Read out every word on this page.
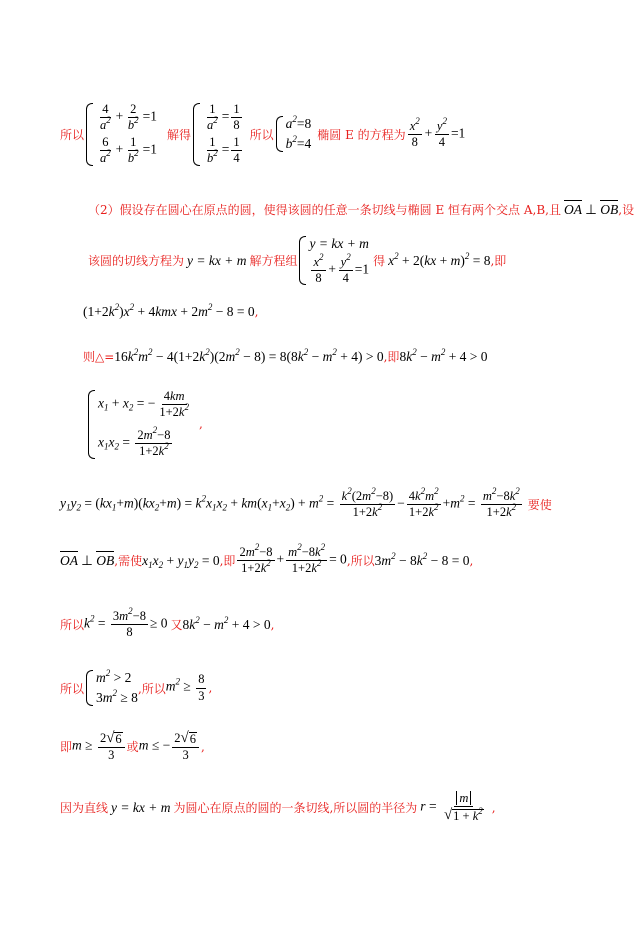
所以
$\frac{4}{a^2} + \frac{2}{b^2} =1$
$\frac{6}{a^2} + \frac{1}{b^2} =1$
解得
$\frac{1}{a^2} = \frac{1}{8}$
$\frac{1}{b^2} = \frac{1}{4}$
所以
$a^2=8$
$b^2=4$
椭圆 E 的方程为 $\frac{x^2}{8} + \frac{y^2}{4} =1$
（2） 假设存在圆心在原点的圆，使得该圆的任意一条切线与椭圆 E 恒有两个交点 A,B,且 OA ⊥ OB ,设
该圆的切线方程为 y = kx + m 解方程组
y = kx + m
$\frac{x^2}{8} + \frac{y^2}{4} =1$
得 $x^2 + 2(kx + m)^2 = 8$ ,即
$(1+2k^2)x^2 + 4kmx + 2m^2 - 8 = 0$ ,
则△= $16k^2m^2 - 4(1+2k^2)(2m^2 - 8) = 8(8k^2 - m^2 + 4) > 0$ ,即 $8k^2 - m^2 + 4 > 0$
$x_1 + x_2$ = − $\frac{4km}{1+2k^2}$
$x_1x_2 = \frac{2m^2-8}{1+2k^2}$
,
$y_1y_2 = (kx_1+m)(kx_2+m) = k^2x_1x_2 + km(x_1+x_2) + m^2 = \frac{k^2(2m^2-8)}{1+2k^2} - \frac{4k^2m^2}{1+2k^2} +m^2 = \frac{m^2-8k^2}{1+2k^2}$ 要使
OA ⊥ OB ,需使 $x_1x_2 + y_1y_2 = 0$ ,即 $\frac{2m^2-8}{1+2k^2} + \frac{m^2-8k^2}{1+2k^2} = 0$ ,所以 $3m^2 - 8k^2 - 8 = 0$ ,
所以 $k^2 = \frac{3m^2-8}{8} \ge 0$ 又 $8k^2 - m^2 + 4 > 0$ ,
所以
$m^2 > 2$
$3m^2 \ge 8$
,所以 $m^2 \ge \frac{8}{3}$ ,
即 $m \ge \frac{2 √ 6}{3}$ 或 m ≤ − $\frac{2 √ 6}{3}$ ,
因为直线 y = kx + m 为圆心在原点的圆的一条切线,所以圆的半径为 $r = \frac{m}{√ 1 + k^2}$ ,
